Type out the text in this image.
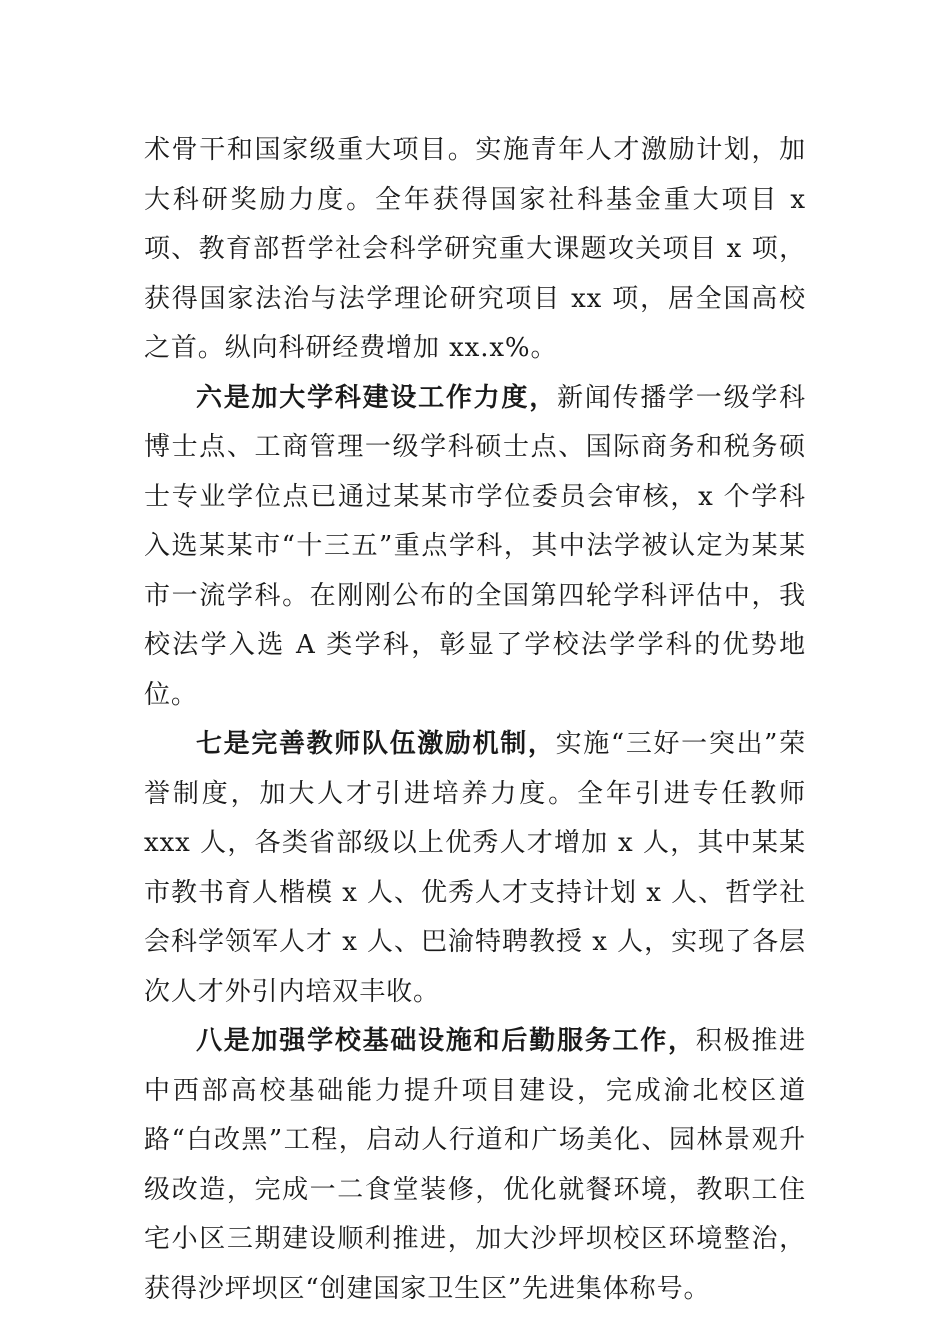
术骨干和国家级重大项目。实施青年人才激励计划，加大科研奖励力度。全年获得国家社科基金重大项目 x 项、教育部哲学社会科学研究重大课题攻关项目 x 项，获得国家法治与法学理论研究项目 xx 项，居全国高校之首。纵向科研经费增加 xx.x%。

六是加大学科建设工作力度，新闻传播学一级学科博士点、工商管理一级学科硕士点、国际商务和税务硕士专业学位点已通过某某市学位委员会审核，x 个学科入选某某市“十三五”重点学科，其中法学被认定为某某市一流学科。在刚刚公布的全国第四轮学科评估中，我校法学入选 A 类学科，彰显了学校法学学科的优势地位。

七是完善教师队伍激励机制，实施“三好一突出”荣誉制度，加大人才引进培养力度。全年引进专任教师 xxx 人，各类省部级以上优秀人才增加 x 人，其中某某市教书育人楷模 x 人、优秀人才支持计划 x 人、哲学社会科学领军人才 x 人、巴渝特聘教授 x 人，实现了各层次人才外引内培双丰收。

八是加强学校基础设施和后勤服务工作，积极推进中西部高校基础能力提升项目建设，完成渝北校区道路“白改黑”工程，启动人行道和广场美化、园林景观升级改造，完成一二食堂装修，优化就餐环境，教职工住宅小区三期建设顺利推进，加大沙坪坝校区环境整治，获得沙坪坝区“创建国家卫生区”先进集体称号。
